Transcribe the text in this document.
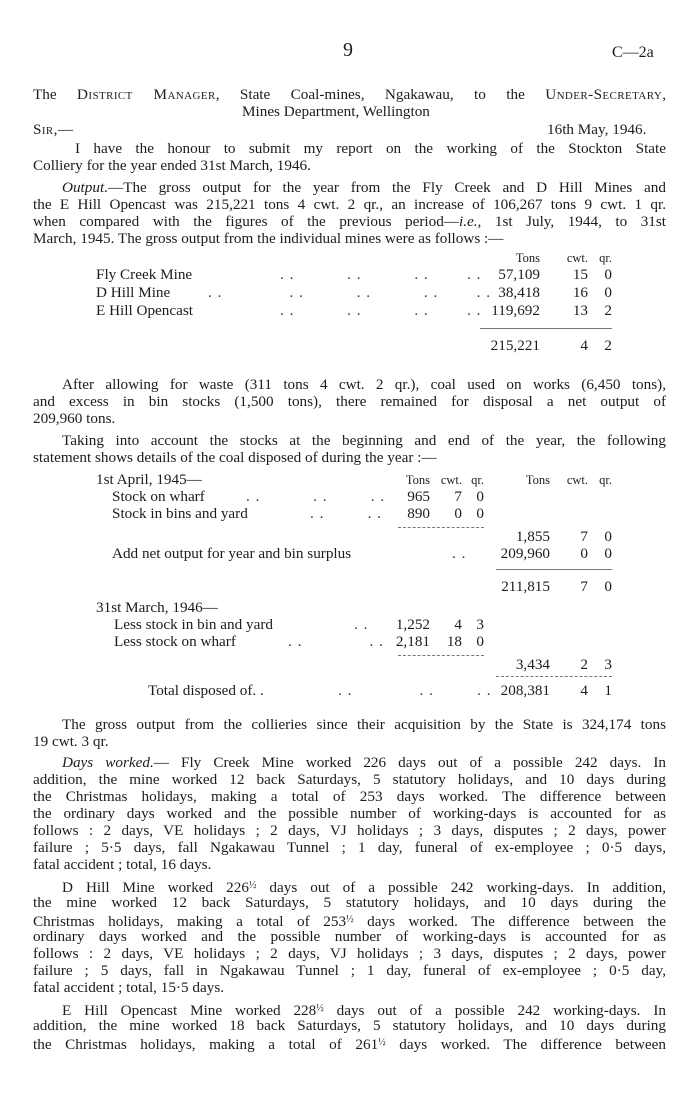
9	C—2a
The District Manager, State Coal-mines, Ngakawau, to the Under-Secretary,
Mines Department, Wellington
Sir,—	16th May, 1946.
I have the honour to submit my report on the working of the Stockton State
Colliery for the year ended 31st March, 1946.
Output.—The gross output for the year from the Fly Creek and D Hill Mines and
the E Hill Opencast was 215,221 tons 4 cwt. 2 qr., an increase of 106,267 tons 9 cwt. 1 qr.
when compared with the figures of the previous period—i.e., 1st July, 1944, to 31st
March, 1945. The gross output from the individual mines were as follows :—
Tons	cwt. qr.
Fly Creek Mine	. .           . .           . .        . .	57,109	15	0
D Hill Mine . .              . .           . .           . .        . . 38,418	16	0
E Hill Opencast	. .           . .           . .        . . 119,692	13	2
215,221	4	2
After allowing for waste (311 tons 4 cwt. 2 qr.), coal used on works (6,450 tons),
and excess in bin stocks (1,500 tons), there remained for disposal a net output of
209,960 tons.
Taking into account the stocks at the beginning and end of the year, the following
statement shows details of the coal disposed of during the year :—
1st April, 1945—	Tons cwt. qr.	Tons	cwt. qr.
Stock on wharf	. .           . .         . .	965	7 0
Stock in bins and yard	. .         . .	890	0 0
1,855	7	0
Add net output for year and bin surplus	. .	209,960	0	0
211,815	7	0
31st March, 1946—
Less stock in bin and yard	. .	1,252	4 3
Less stock on wharf	. .              . . 2,181	18 0
3,434	2	3
Total disposed of. .	. .              . .         . . 208,381	4	1
The gross output from the collieries since their acquisition by the State is 324,174 tons
19 cwt. 3 qr.
Days worked.— Fly Creek Mine worked 226 days out of a possible 242 days. In
addition, the mine worked 12 back Saturdays, 5 statutory holidays, and 10 days during
the Christmas holidays, making a total of 253 days worked. The difference between
the ordinary days worked and the possible number of working-days is accounted for as
follows : 2 days, VE holidays ; 2 days, VJ holidays ; 3 days, disputes ; 2 days, power
failure ; 5·5 days, fall Ngakawau Tunnel ; 1 day, funeral of ex-employee ; 0·5 days,
fatal accident ; total, 16 days.
D Hill Mine worked $226^{\frac{1}{2}}$ days out of a possible 242 working-days. In addition,
the mine worked 12 back Saturdays, 5 statutory holidays, and 10 days during the
Christmas holidays, making a total of $253^{\frac{1}{2}}$ days worked. The difference between the
ordinary days worked and the possible number of working-days is accounted for as
follows : 2 days, VE holidays ; 2 days, VJ holidays ; 3 days, disputes ; 2 days, power
failure ; 5 days, fall in Ngakawau Tunnel ; 1 day, funeral of ex-employee ; 0·5 day,
fatal accident ; total, 15·5 days.
E Hill Opencast Mine worked $228^{\frac{1}{2}}$ days out of a possible 242 working-days. In
addition, the mine worked 18 back Saturdays, 5 statutory holidays, and 10 days during
the Christmas holidays, making a total of $261^{\frac{1}{2}}$ days worked. The difference between
